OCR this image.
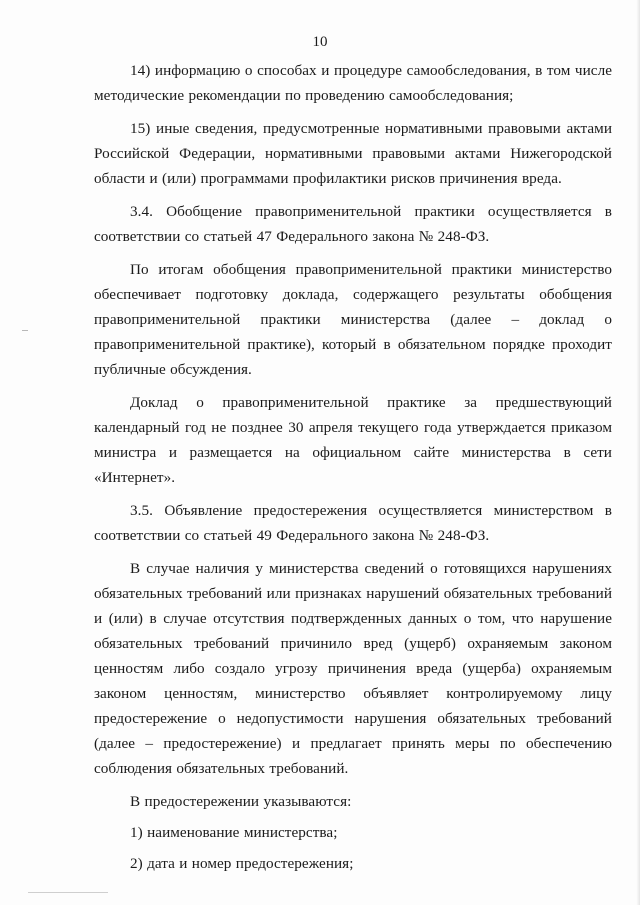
10

14) информацию о способах и процедуре самообследования, в том числе методические рекомендации по проведению самообследования;

15) иные сведения, предусмотренные нормативными правовыми актами Российской Федерации, нормативными правовыми актами Нижегородской области и (или) программами профилактики рисков причинения вреда.

3.4. Обобщение правоприменительной практики осуществляется в соответствии со статьей 47 Федерального закона № 248-ФЗ.

По итогам обобщения правоприменительной практики министерство обеспечивает подготовку доклада, содержащего результаты обобщения правоприменительной практики министерства (далее – доклад о правоприменительной практике), который в обязательном порядке проходит публичные обсуждения.

Доклад о правоприменительной практике за предшествующий календарный год не позднее 30 апреля текущего года утверждается приказом министра и размещается на официальном сайте министерства в сети «Интернет».

3.5. Объявление предостережения осуществляется министерством в соответствии со статьей 49 Федерального закона № 248-ФЗ.

В случае наличия у министерства сведений о готовящихся нарушениях обязательных требований или признаках нарушений обязательных требований и (или) в случае отсутствия подтвержденных данных о том, что нарушение обязательных требований причинило вред (ущерб) охраняемым законом ценностям либо создало угрозу причинения вреда (ущерба) охраняемым законом ценностям, министерство объявляет контролируемому лицу предостережение о недопустимости нарушения обязательных требований (далее – предостережение) и предлагает принять меры по обеспечению соблюдения обязательных требований.

В предостережении указываются:

1) наименование министерства;

2) дата и номер предостережения;
